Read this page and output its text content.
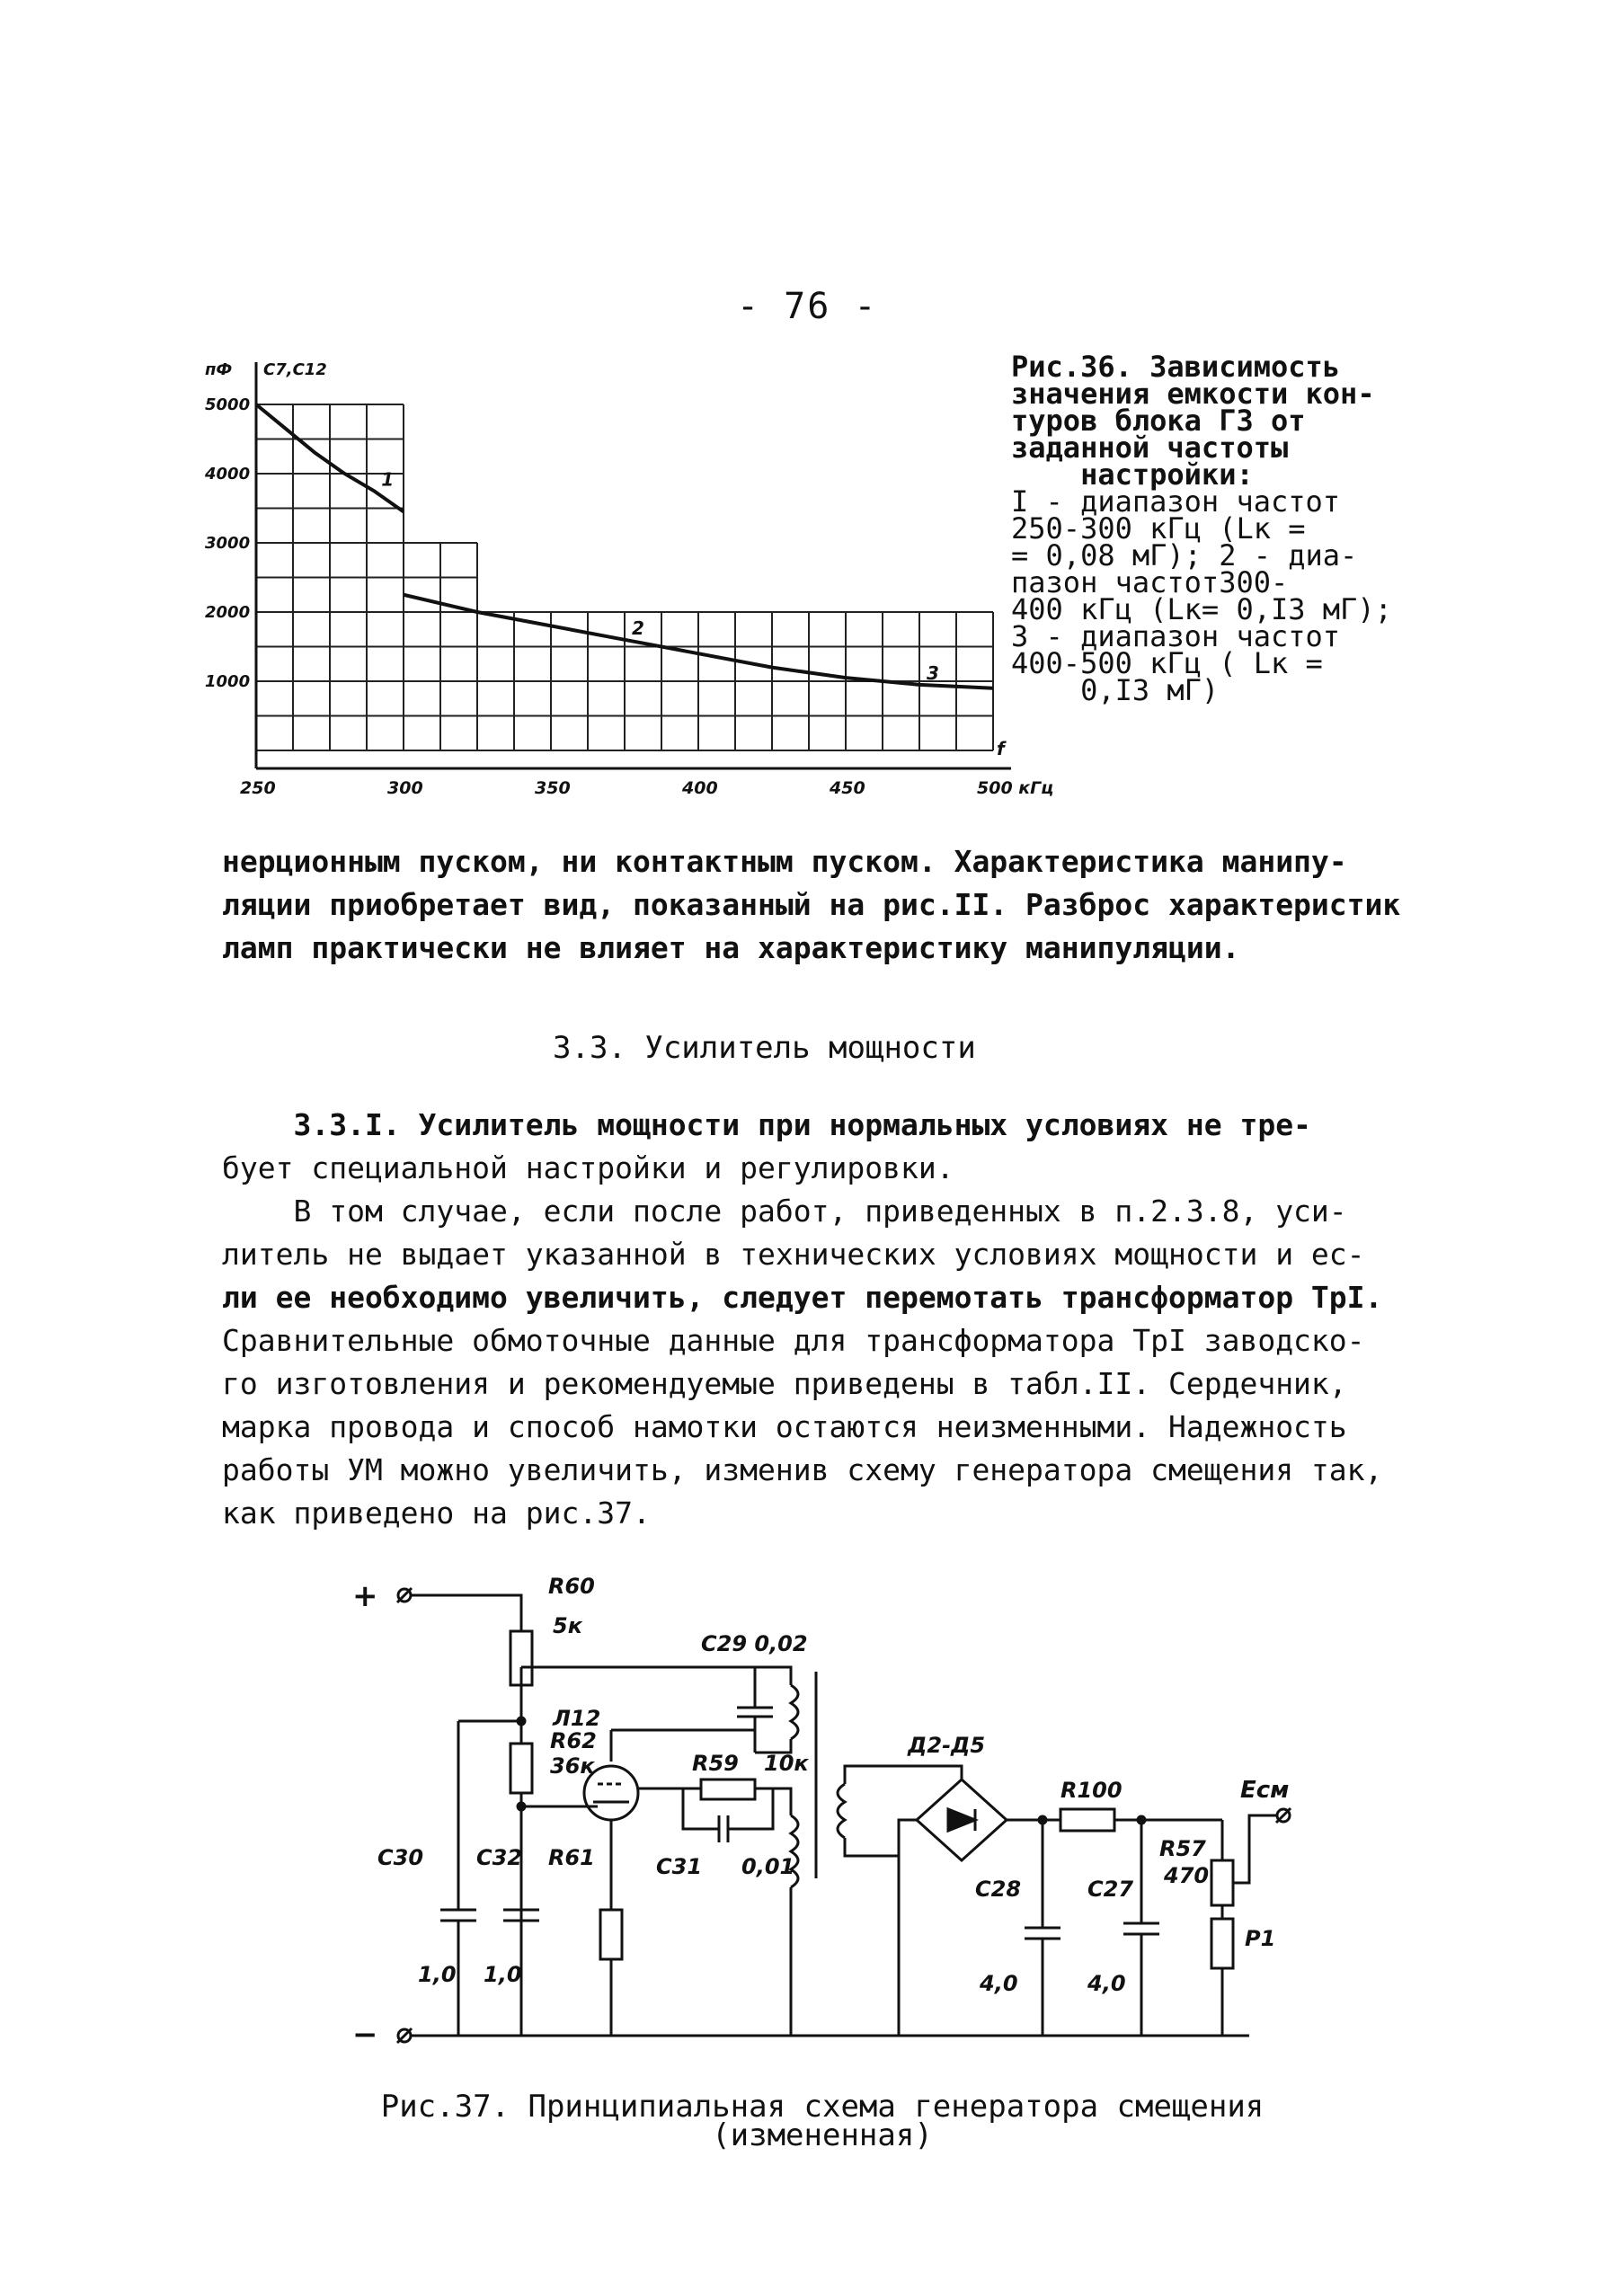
- 76 -
пФ С7,С12
f
5000
4000
3000
2000
1000
250	300	350	400	450	500 кГц
1
2
3
Рис.36. Зависимость
значения емкости кон-
туров блока ГЗ от
заданной частоты
настройки:
I - диапазон частот
250-300 кГц (Lк =
= 0,08 мГ); 2 - диа-
пазон частот300-
400 кГц (Lк= 0,I3 мГ);
3 - диапазон частот
400-500 кГц ( Lк =
0,I3 мГ)
нерционным пуском, ни контактным пуском. Характеристика манипу-
ляции приобретает вид, показанный на рис.II. Разброс характеристик
ламп практически не влияет на характеристику манипуляции.
3.3. Усилитель мощности
3.3.I. Усилитель мощности при нормальных условиях не тре-
бует специальной настройки и регулировки.
В том случае, если после работ, приведенных в п.2.3.8, уси-
литель не выдает указанной в технических условиях мощности и ес-
ли ее необходимо увеличить, следует перемотать трансформатор ТрI.
Сравнительные обмоточные данные для трансформатора ТрI заводско-
го изготовления и рекомендуемые приведены в табл.II. Сердечник,
марка провода и способ намотки остаются неизменными. Надежность
работы УМ можно увеличить, изменив схему генератора смещения так,
как приведено на рис.37.
+	R60
5к
С29 0,02
R62
36к
Л12
R59 10к
С31 0,01
R61
С30
1,0
С32
1,0
−
Д2-Д5
С28
4,0
R100
С27
4,0
R57
470
Р1
Есм
Рис.37. Принципиальная схема генератора смещения
(измененная)
